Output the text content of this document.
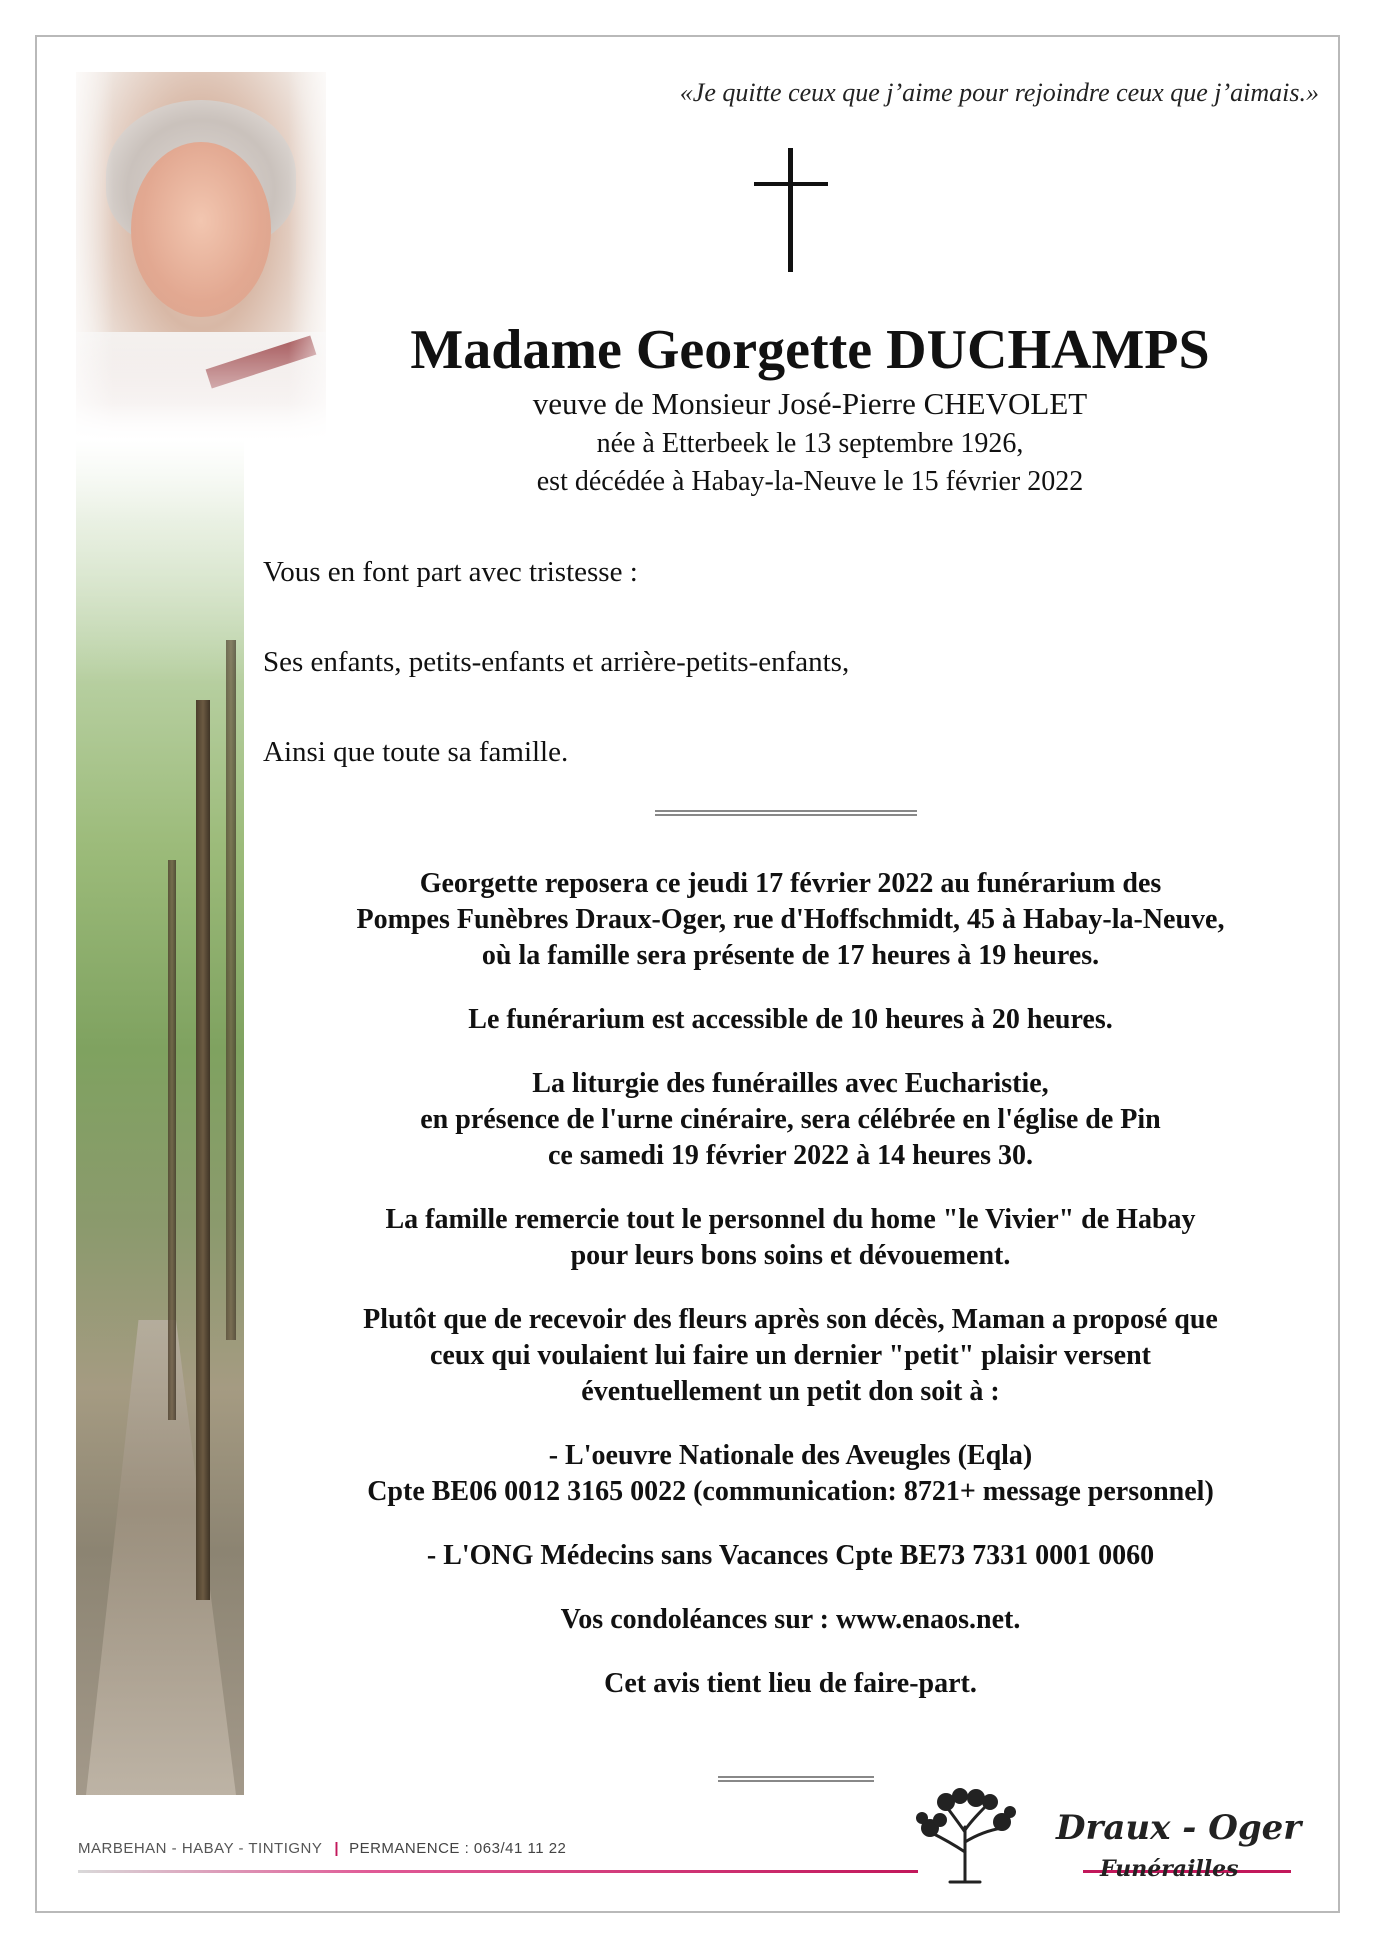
«Je quitte ceux que j’aime pour rejoindre ceux que j’aimais.»
Madame Georgette DUCHAMPS
veuve de Monsieur José-Pierre CHEVOLET
née à Etterbeek le 13 septembre 1926,
est décédée à Habay-la-Neuve le 15 février 2022
Vous en font part avec tristesse :
Ses enfants, petits-enfants et arrière-petits-enfants,
Ainsi que toute sa famille.

Georgette reposera ce jeudi 17 février 2022 au funérarium des
Pompes Funèbres Draux-Oger, rue d'Hoffschmidt, 45 à Habay-la-Neuve,
où la famille sera présente de 17 heures à 19 heures.

Le funérarium est accessible de 10 heures à 20 heures.

La liturgie des funérailles avec Eucharistie,
en présence de l'urne cinéraire, sera célébrée en l'église de Pin
ce samedi 19 février 2022 à 14 heures 30.

La famille remercie tout le personnel du home "le Vivier" de Habay
pour leurs bons soins et dévouement.

Plutôt que de recevoir des fleurs après son décès, Maman a proposé que
ceux qui voulaient lui faire un dernier "petit" plaisir versent
éventuellement un petit don soit à :

- L'oeuvre Nationale des Aveugles (Eqla)
Cpte BE06 0012 3165 0022 (communication: 8721+ message personnel)

- L'ONG Médecins sans Vacances Cpte BE73 7331 0001 0060

Vos condoléances sur : www.enaos.net.

Cet avis tient lieu de faire-part.

MARBEHAN - HABAY - TINTIGNY | PERMANENCE : 063/41 11 22
Draux - Oger
Funérailles
